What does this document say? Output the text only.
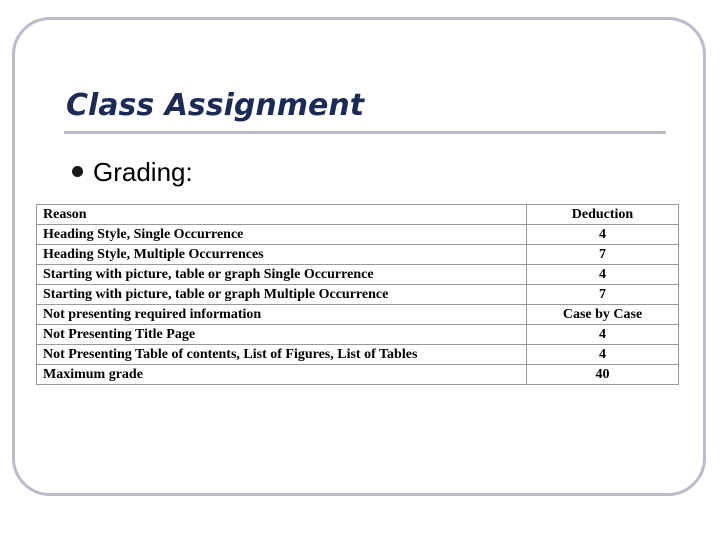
Class Assignment
Grading:
Reason	Deduction
Heading Style, Single Occurrence	4
Heading Style, Multiple Occurrences	7
Starting with picture, table or graph Single Occurrence	4
Starting with picture, table or graph Multiple Occurrence	7
Not presenting required information	Case by Case
Not Presenting Title Page	4
Not Presenting Table of contents, List of Figures, List of Tables	4
Maximum grade	40
